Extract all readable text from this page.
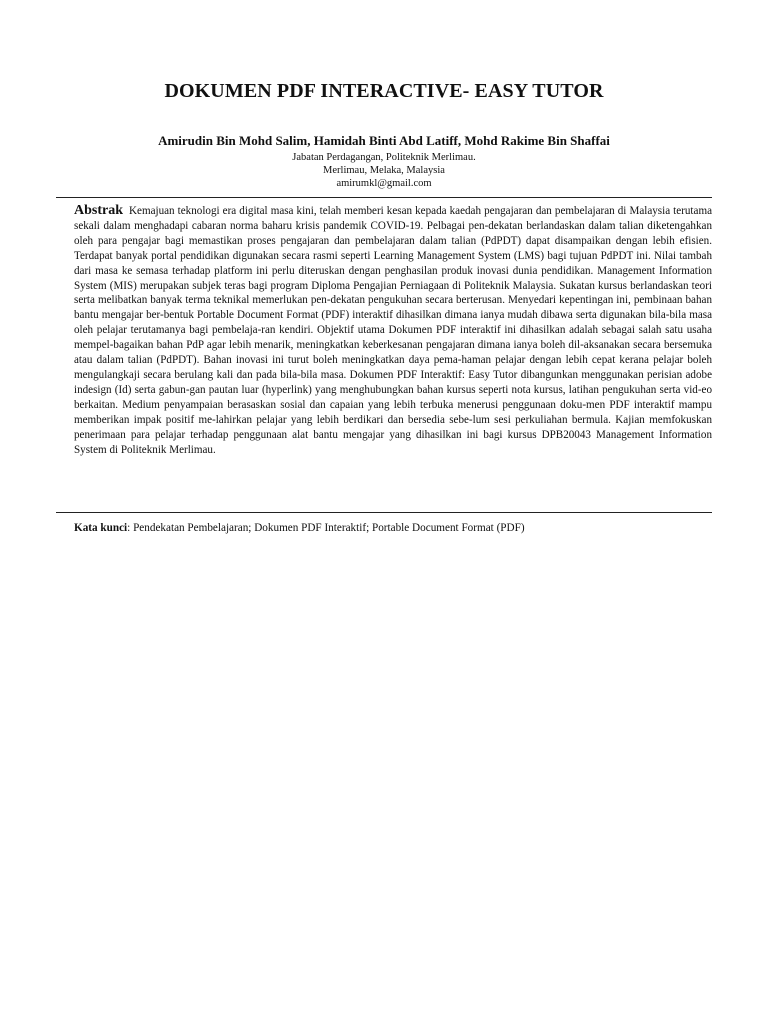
DOKUMEN PDF INTERACTIVE- EASY TUTOR
Amirudin Bin Mohd Salim, Hamidah Binti Abd Latiff, Mohd Rakime Bin Shaffai
Jabatan Perdagangan, Politeknik Merlimau.
Merlimau, Melaka, Malaysia
amirumkl@gmail.com
Abstrak Kemajuan teknologi era digital masa kini, telah memberi kesan kepada kaedah pengajaran dan pembelajaran di Malaysia terutama sekali dalam menghadapi cabaran norma baharu krisis pandemik COVID-19. Pelbagai pen-dekatan berlandaskan dalam talian diketengahkan oleh para pengajar bagi memastikan proses pengajaran dan pembelajaran dalam talian (PdPDT) dapat disampaikan dengan lebih efisien. Terdapat banyak portal pendidikan digunakan secara rasmi seperti Learning Management System (LMS) bagi tujuan PdPDT ini. Nilai tambah dari masa ke semasa terhadap platform ini perlu diteruskan dengan penghasilan produk inovasi dunia pendidikan. Management Information System (MIS) merupakan subjek teras bagi program Diploma Pengajian Perniagaan di Politeknik Malaysia. Sukatan kursus berlandaskan teori serta melibatkan banyak terma teknikal memerlukan pen-dekatan pengukuhan secara berterusan. Menyedari kepentingan ini, pembinaan bahan bantu mengajar ber-bentuk Portable Document Format (PDF) interaktif dihasilkan dimana ianya mudah dibawa serta digunakan bila-bila masa oleh pelajar terutamanya bagi pembelaja-ran kendiri. Objektif utama Dokumen PDF interaktif ini dihasilkan adalah sebagai salah satu usaha mempel-bagaikan bahan PdP agar lebih menarik, meningkatkan keberkesanan pengajaran dimana ianya boleh dil-aksanakan secara bersemuka atau dalam talian (PdPDT). Bahan inovasi ini turut boleh meningkatkan daya pema-haman pelajar dengan lebih cepat kerana pelajar boleh mengulangkaji secara berulang kali dan pada bila-bila masa. Dokumen PDF Interaktif: Easy Tutor dibangunkan menggunakan perisian adobe indesign (Id) serta gabun-gan pautan luar (hyperlink) yang menghubungkan bahan kursus seperti nota kursus, latihan pengukuhan serta vid-eo berkaitan. Medium penyampaian berasaskan sosial dan capaian yang lebih terbuka menerusi penggunaan doku-men PDF interaktif mampu memberikan impak positif me-lahirkan pelajar yang lebih berdikari dan bersedia sebe-lum sesi perkuliahan bermula. Kajian memfokuskan penerimaan para pelajar terhadap penggunaan alat bantu mengajar yang dihasilkan ini bagi kursus DPB20043 Management Information System di Politeknik Merlimau.
Kata kunci: Pendekatan Pembelajaran; Dokumen PDF Interaktif; Portable Document Format (PDF)
